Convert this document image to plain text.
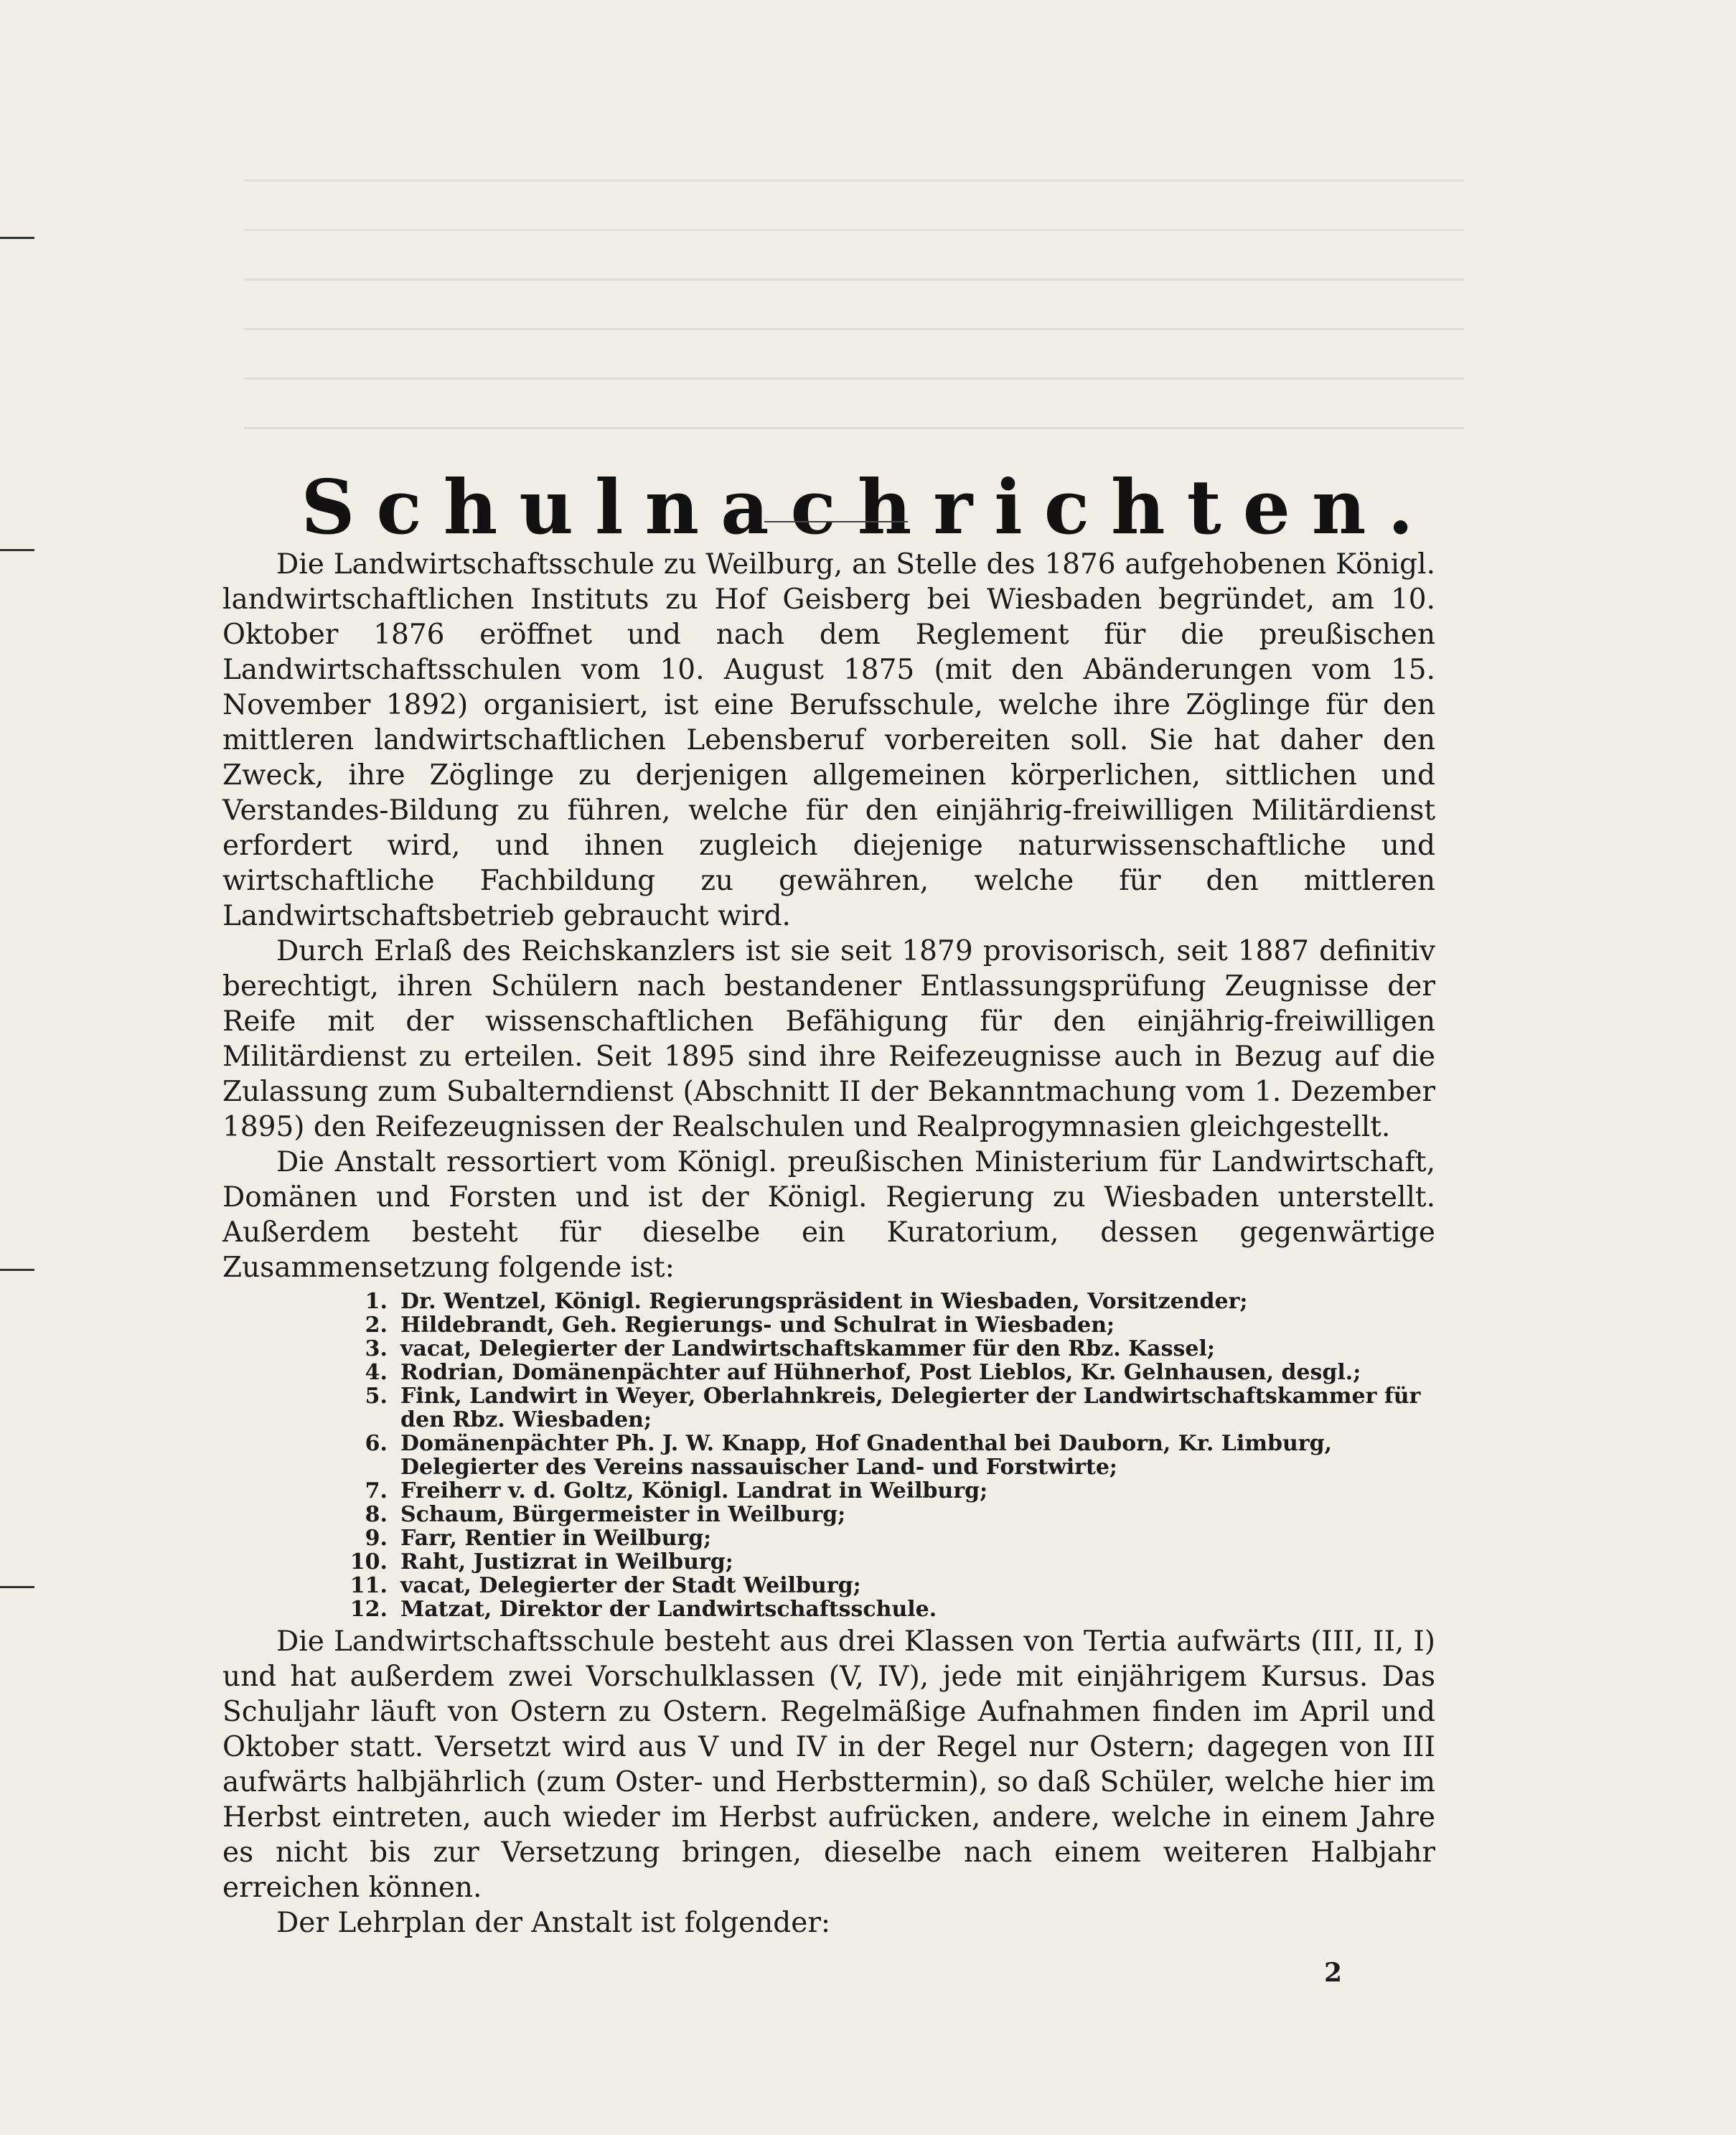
Schulnachrichten.

Die Landwirtschaftsschule zu Weilburg, an Stelle des 1876 aufgehobenen Königl. landwirtschaftlichen Instituts zu Hof Geisberg bei Wiesbaden begründet, am 10. Oktober 1876 eröffnet und nach dem Reglement für die preußischen Landwirtschaftsschulen vom 10. August 1875 (mit den Abänderungen vom 15. November 1892) organisiert, ist eine Berufsschule, welche ihre Zöglinge für den mittleren landwirtschaftlichen Lebensberuf vorbereiten soll. Sie hat daher den Zweck, ihre Zöglinge zu derjenigen allgemeinen körperlichen, sittlichen und Verstandes-Bildung zu führen, welche für den einjährig-freiwilligen Militärdienst erfordert wird, und ihnen zugleich diejenige naturwissenschaftliche und wirtschaftliche Fachbildung zu gewähren, welche für den mittleren Landwirtschaftsbetrieb gebraucht wird.

Durch Erlaß des Reichskanzlers ist sie seit 1879 provisorisch, seit 1887 definitiv berechtigt, ihren Schülern nach bestandener Entlassungsprüfung Zeugnisse der Reife mit der wissenschaftlichen Befähigung für den einjährig-freiwilligen Militärdienst zu erteilen. Seit 1895 sind ihre Reifezeugnisse auch in Bezug auf die Zulassung zum Subalterndienst (Abschnitt II der Bekanntmachung vom 1. Dezember 1895) den Reifezeugnissen der Realschulen und Realprogymnasien gleichgestellt.

Die Anstalt ressortiert vom Königl. preußischen Ministerium für Landwirtschaft, Domänen und Forsten und ist der Königl. Regierung zu Wiesbaden unterstellt. Außerdem besteht für dieselbe ein Kuratorium, dessen gegenwärtige Zusammensetzung folgende ist:

1. Dr. Wentzel, Königl. Regierungspräsident in Wiesbaden, Vorsitzender;
2. Hildebrandt, Geh. Regierungs- und Schulrat in Wiesbaden;
3. vacat, Delegierter der Landwirtschaftskammer für den Rbz. Kassel;
4. Rodrian, Domänenpächter auf Hühnerhof, Post Lieblos, Kr. Gelnhausen, desgl.;
5. Fink, Landwirt in Weyer, Oberlahnkreis, Delegierter der Landwirtschaftskammer für den Rbz. Wiesbaden;
6. Domänenpächter Ph. J. W. Knapp, Hof Gnadenthal bei Dauborn, Kr. Limburg, Delegierter des Vereins nassauischer Land- und Forstwirte;
7. Freiherr v. d. Goltz, Königl. Landrat in Weilburg;
8. Schaum, Bürgermeister in Weilburg;
9. Farr, Rentier in Weilburg;
10. Raht, Justizrat in Weilburg;
11. vacat, Delegierter der Stadt Weilburg;
12. Matzat, Direktor der Landwirtschaftsschule.

Die Landwirtschaftsschule besteht aus drei Klassen von Tertia aufwärts (III, II, I) und hat außerdem zwei Vorschulklassen (V, IV), jede mit einjährigem Kursus. Das Schuljahr läuft von Ostern zu Ostern. Regelmäßige Aufnahmen finden im April und Oktober statt. Versetzt wird aus V und IV in der Regel nur Ostern; dagegen von III aufwärts halbjährlich (zum Oster- und Herbsttermin), so daß Schüler, welche hier im Herbst eintreten, auch wieder im Herbst aufrücken, andere, welche in einem Jahre es nicht bis zur Versetzung bringen, dieselbe nach einem weiteren Halbjahr erreichen können.

Der Lehrplan der Anstalt ist folgender:

2
